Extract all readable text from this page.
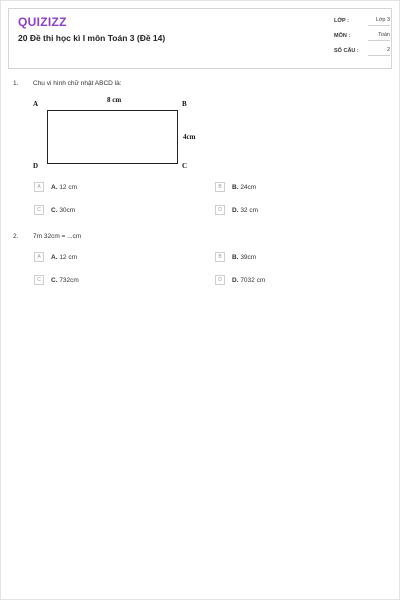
QUIZIZZ
20 Đề thi học kì I môn Toán 3 (Đề 14)
LỚP :	Lớp 3
MÔN :	Toán
SỐ CÂU :	2
1. Chu vi hình chữ nhật ABCD là:
A	8 cm	B
4cm
D	C
A	A. 12 cm	B	B. 24cm
C	C. 30cm	D	D. 32 cm
2. 7m 32cm = ...cm
A	A. 12 cm	B	B. 39cm
C	C. 732cm	D	D. 7032 cm
